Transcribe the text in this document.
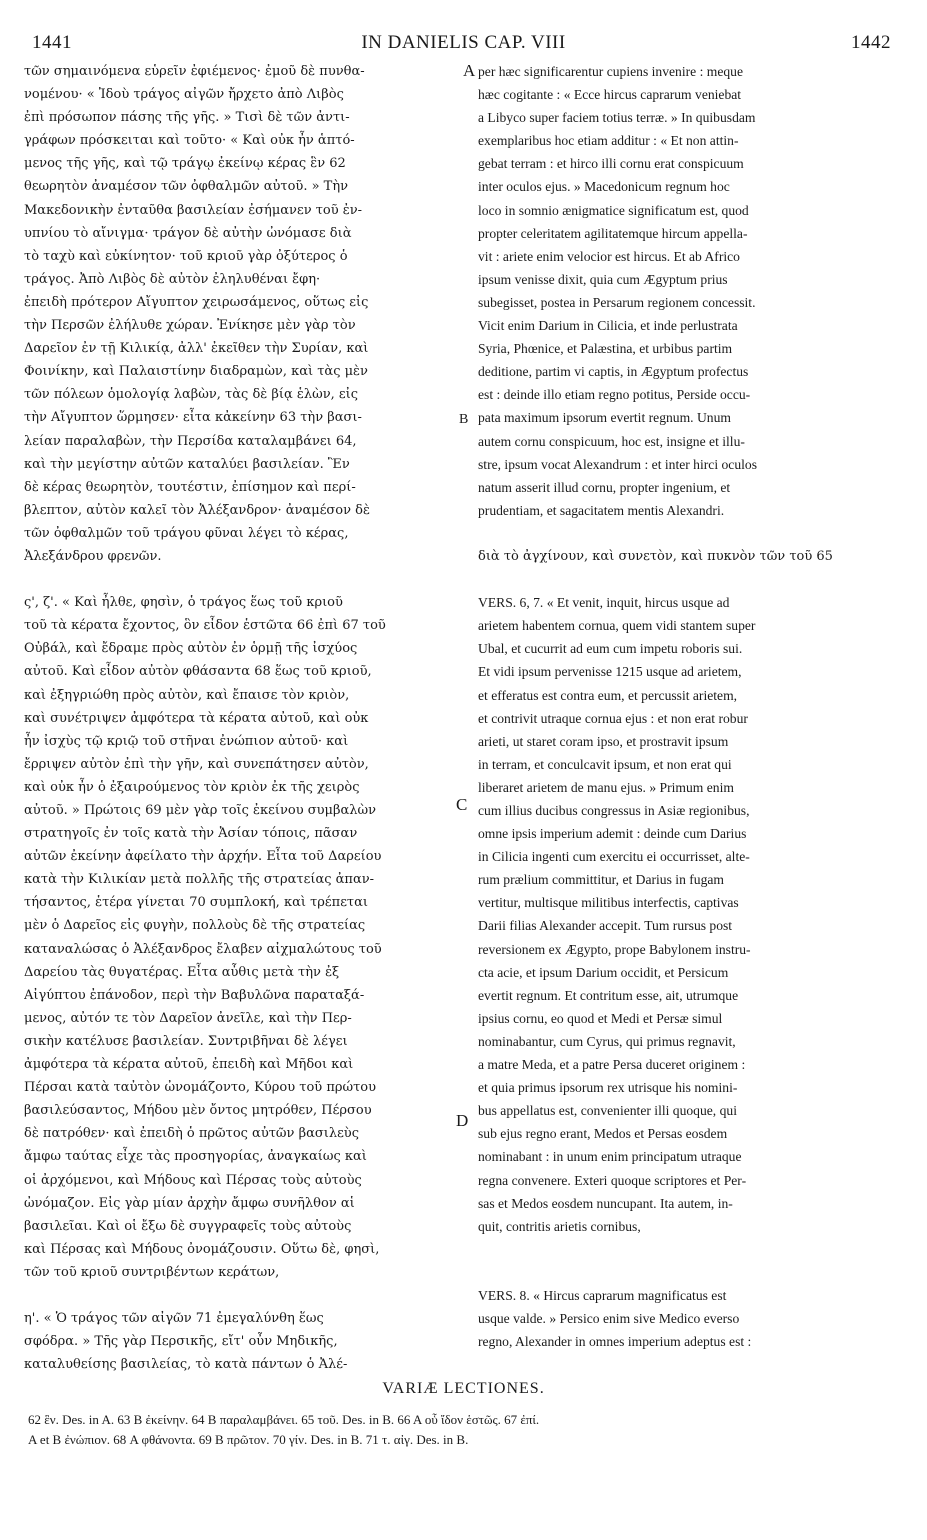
1441	IN DANIELIS CAP. VIII	1442
A
B
C
D
τῶν σημαινόμενα εὑρεῖν ἐφιέμενος· ἐμοῦ δὲ πυνθα-
νομένου· « Ἰδοὺ τράγος αἰγῶν ἤρχετο ἀπὸ Λιβὸς
ἐπὶ πρόσωπον πάσης τῆς γῆς. » Τισὶ δὲ τῶν ἀντι-
γράφων πρόσκειται καὶ τοῦτο· « Καὶ οὐκ ἦν ἁπτό-
μενος τῆς γῆς, καὶ τῷ τράγῳ ἐκείνῳ κέρας ἓν 62
θεωρητὸν ἀναμέσον τῶν ὀφθαλμῶν αὐτοῦ. » Τὴν
Μακεδονικὴν ἐνταῦθα βασιλείαν ἐσήμανεν τοῦ ἐν-
υπνίου τὸ αἴνιγμα· τράγον δὲ αὐτὴν ὠνόμασε διὰ
τὸ ταχὺ καὶ εὐκίνητον· τοῦ κριοῦ γὰρ ὀξύτερος ὁ
τράγος. Ἀπὸ Λιβὸς δὲ αὐτὸν ἐληλυθέναι ἔφη·
ἐπειδὴ πρότερον Αἴγυπτον χειρωσάμενος, οὕτως εἰς
τὴν Περσῶν ἐλήλυθε χώραν. Ἐνίκησε μὲν γὰρ τὸν
Δαρεῖον ἐν τῇ Κιλικίᾳ, ἀλλ' ἐκεῖθεν τὴν Συρίαν, καὶ
Φοινίκην, καὶ Παλαιστίνην διαδραμὼν, καὶ τὰς μὲν
τῶν πόλεων ὁμολογίᾳ λαβὼν, τὰς δὲ βίᾳ ἑλὼν, εἰς
τὴν Αἴγυπτον ὥρμησεν· εἶτα κἀκείνην 63 τὴν βασι-
λείαν παραλαβὼν, τὴν Περσίδα καταλαμβάνει 64,
καὶ τὴν μεγίστην αὐτῶν καταλύει βασιλείαν. Ἓν
δὲ κέρας θεωρητὸν, τουτέστιν, ἐπίσημον καὶ περί-
βλεπτον, αὐτὸν καλεῖ τὸν Ἀλέξανδρον· ἀναμέσον δὲ
τῶν ὀφθαλμῶν τοῦ τράγου φῦναι λέγει τὸ κέρας,
Ἀλεξάνδρου φρενῶν.
ς', ζ'. « Καὶ ἦλθε, φησὶν, ὁ τράγος ἕως τοῦ κριοῦ
τοῦ τὰ κέρατα ἔχοντος, ὃν εἶδον ἑστῶτα 66 ἐπὶ 67 τοῦ
Οὐβάλ, καὶ ἔδραμε πρὸς αὐτὸν ἐν ὁρμῇ τῆς ἰσχύος
αὐτοῦ. Καὶ εἶδον αὐτὸν φθάσαντα 68 ἕως τοῦ κριοῦ,
καὶ ἐξηγριώθη πρὸς αὐτὸν, καὶ ἔπαισε τὸν κριὸν,
καὶ συνέτριψεν ἀμφότερα τὰ κέρατα αὐτοῦ, καὶ οὐκ
ἦν ἰσχὺς τῷ κριῷ τοῦ στῆναι ἐνώπιον αὐτοῦ· καὶ
ἔρριψεν αὐτὸν ἐπὶ τὴν γῆν, καὶ συνεπάτησεν αὐτὸν,
καὶ οὐκ ἦν ὁ ἐξαιρούμενος τὸν κριὸν ἐκ τῆς χειρὸς
αὐτοῦ. » Πρώτοις 69 μὲν γὰρ τοῖς ἐκείνου συμβαλὼν
στρατηγοῖς ἐν τοῖς κατὰ τὴν Ἀσίαν τόποις, πᾶσαν
αὐτῶν ἐκείνην ἀφείλατο τὴν ἀρχήν. Εἶτα τοῦ Δαρείου
κατὰ τὴν Κιλικίαν μετὰ πολλῆς τῆς στρατείας ἀπαν-
τήσαντος, ἑτέρα γίνεται 70 συμπλοκή, καὶ τρέπεται
μὲν ὁ Δαρεῖος εἰς φυγὴν, πολλοὺς δὲ τῆς στρατείας
καταναλώσας ὁ Ἀλέξανδρος ἔλαβεν αἰχμαλώτους τοῦ
Δαρείου τὰς θυγατέρας. Εἶτα αὖθις μετὰ τὴν ἐξ
Αἰγύπτου ἐπάνοδον, περὶ τὴν Βαβυλῶνα παραταξά-
μενος, αὐτόν τε τὸν Δαρεῖον ἀνεῖλε, καὶ τὴν Περ-
σικὴν κατέλυσε βασιλείαν. Συντριβῆναι δὲ λέγει
ἀμφότερα τὰ κέρατα αὐτοῦ, ἐπειδὴ καὶ Μῆδοι καὶ
Πέρσαι κατὰ ταὐτὸν ὠνομάζοντο, Κύρου τοῦ πρώτου
βασιλεύσαντος, Μήδου μὲν ὄντος μητρόθεν, Πέρσου
δὲ πατρόθεν· καὶ ἐπειδὴ ὁ πρῶτος αὐτῶν βασιλεὺς
ἄμφω ταύτας εἶχε τὰς προσηγορίας, ἀναγκαίως καὶ
οἱ ἀρχόμενοι, καὶ Μήδους καὶ Πέρσας τοὺς αὐτοὺς
ὠνόμαζον. Εἰς γὰρ μίαν ἀρχὴν ἄμφω συνῆλθον αἱ
βασιλεῖαι. Καὶ οἱ ἔξω δὲ συγγραφεῖς τοὺς αὐτοὺς
καὶ Πέρσας καὶ Μήδους ὀνομάζουσιν. Οὕτω δὲ, φησὶ,
τῶν τοῦ κριοῦ συντριβέντων κεράτων,
η'. « Ὁ τράγος τῶν αἰγῶν 71 ἐμεγαλύνθη ἕως
σφόδρα. » Τῆς γὰρ Περσικῆς, εἴτ' οὖν Μηδικῆς,
καταλυθείσης βασιλείας, τὸ κατὰ πάντων ὁ Ἀλέ-
per hæc significarentur cupiens invenire : meque
hæc cogitante : « Ecce hircus caprarum veniebat
a Libyco super faciem totius terræ. » In quibusdam
exemplaribus hoc etiam additur : « Et non attin-
gebat terram : et hirco illi cornu erat conspicuum
inter oculos ejus. » Macedonicum regnum hoc
loco in somnio ænigmatice significatum est, quod
propter celeritatem agilitatemque hircum appella-
vit : ariete enim velocior est hircus. Et ab Africo
ipsum venisse dixit, quia cum Ægyptum prius
subegisset, postea in Persarum regionem concessit.
Vicit enim Darium in Cilicia, et inde perlustrata
Syria, Phœnice, et Palæstina, et urbibus partim
deditione, partim vi captis, in Ægyptum profectus
est : deinde illo etiam regno potitus, Perside occu-
pata maximum ipsorum evertit regnum. Unum
autem cornu conspicuum, hoc est, insigne et illu-
stre, ipsum vocat Alexandrum : et inter hirci oculos
natum asserit illud cornu, propter ingenium, et
prudentiam, et sagacitatem mentis Alexandri.
VERS. 6, 7. « Et venit, inquit, hircus usque ad
arietem habentem cornua, quem vidi stantem super
Ubal, et cucurrit ad eum cum impetu roboris sui.
Et vidi ipsum pervenisse 1215 usque ad arietem,
et efferatus est contra eum, et percussit arietem,
et contrivit utraque cornua ejus : et non erat robur
arieti, ut staret coram ipso, et prostravit ipsum
in terram, et conculcavit ipsum, et non erat qui
liberaret arietem de manu ejus. » Primum enim
cum illius ducibus congressus in Asiæ regionibus,
omne ipsis imperium ademit : deinde cum Darius
in Cilicia ingenti cum exercitu ei occurrisset, alte-
rum prælium committitur, et Darius in fugam
vertitur, multisque militibus interfectis, captivas
Darii filias Alexander accepit. Tum rursus post
reversionem ex Ægypto, prope Babylonem instru-
cta acie, et ipsum Darium occidit, et Persicum
evertit regnum. Et contritum esse, ait, utrumque
ipsius cornu, eo quod et Medi et Persæ simul
nominabantur, cum Cyrus, qui primus regnavit,
a matre Meda, et a patre Persa duceret originem :
et quia primus ipsorum rex utrisque his nomini-
bus appellatus est, convenienter illi quoque, qui
sub ejus regno erant, Medos et Persas eosdem
nominabant : in unum enim principatum utraque
regna convenere. Exteri quoque scriptores et Per-
sas et Medos eosdem nuncupant. Ita autem, in-
quit, contritis arietis cornibus,
VERS. 8. « Hircus caprarum magnificatus est
usque valde. » Persico enim sive Medico everso
regno, Alexander in omnes imperium adeptus est :
διὰ τὸ ἀγχίνουν, καὶ συνετὸν, καὶ πυκνὸν τῶν τοῦ 65
VARIÆ LECTIONES.
62 ἓν. Des. in A. 63 B ἐκείνην. 64 B παραλαμβάνει. 65 τοῦ. Des. in B. 66 A οὗ ἴδον ἑστῶς. 67 ἐπί.
A et B ἐνώπιον. 68 A φθάνοντα. 69 B πρῶτον. 70 γίν. Des. in B. 71 τ. αἰγ. Des. in B.
